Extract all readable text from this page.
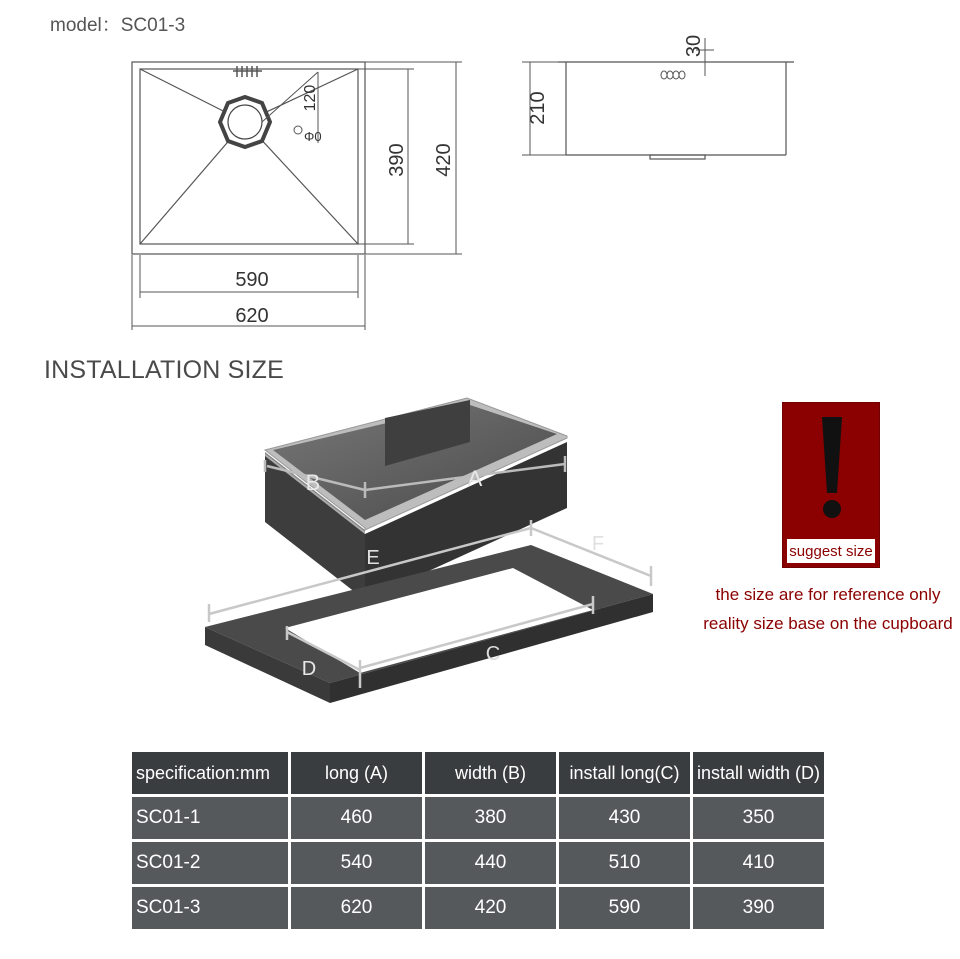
model：SC01-3
590
620
390 420
120
Φ0
210
30
INSTALLATION SIZE
B	A
E
F
C
D
suggest size
the size are for reference only
reality size base on the cupboard
specification:mm	long (A)	width (B)	install long(C)	install width (D)
SC01-1	460	380	430	350
SC01-2	540	440	510	410
SC01-3	620	420	590	390
